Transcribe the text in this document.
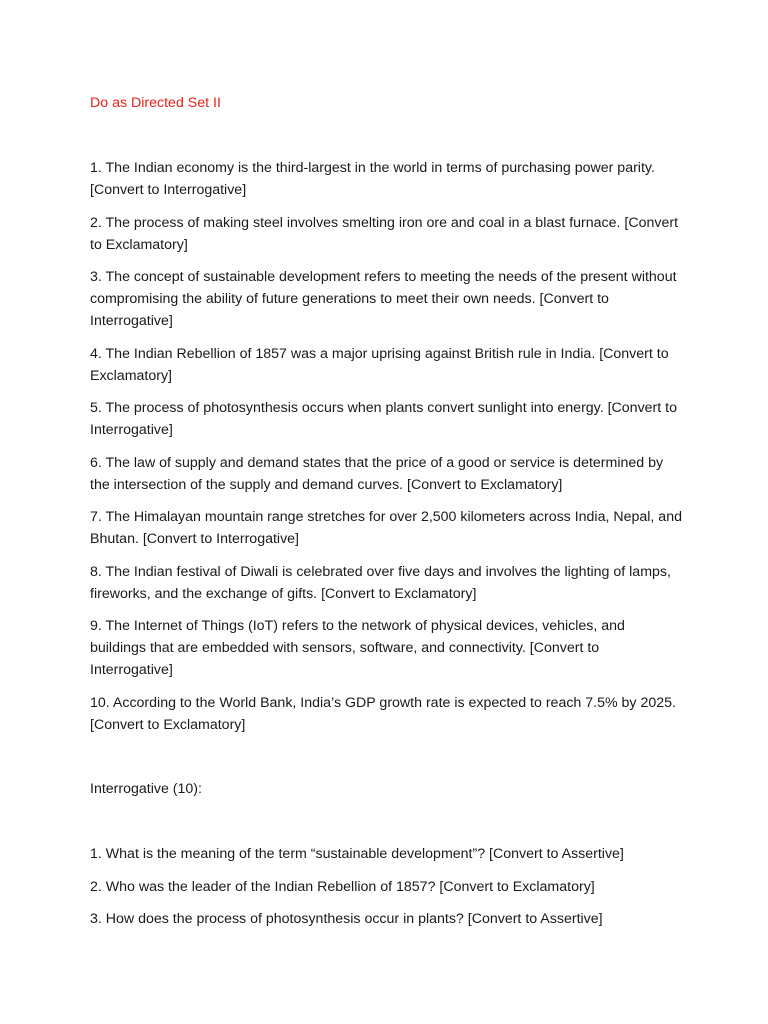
Do as Directed Set II

1. The Indian economy is the third-largest in the world in terms of purchasing power parity. [Convert to Interrogative]

2. The process of making steel involves smelting iron ore and coal in a blast furnace. [Convert to Exclamatory]

3. The concept of sustainable development refers to meeting the needs of the present without compromising the ability of future generations to meet their own needs. [Convert to Interrogative]

4. The Indian Rebellion of 1857 was a major uprising against British rule in India. [Convert to Exclamatory]

5. The process of photosynthesis occurs when plants convert sunlight into energy. [Convert to Interrogative]

6. The law of supply and demand states that the price of a good or service is determined by the intersection of the supply and demand curves. [Convert to Exclamatory]

7. The Himalayan mountain range stretches for over 2,500 kilometers across India, Nepal, and Bhutan. [Convert to Interrogative]

8. The Indian festival of Diwali is celebrated over five days and involves the lighting of lamps, fireworks, and the exchange of gifts. [Convert to Exclamatory]

9. The Internet of Things (IoT) refers to the network of physical devices, vehicles, and buildings that are embedded with sensors, software, and connectivity. [Convert to Interrogative]

10. According to the World Bank, India’s GDP growth rate is expected to reach 7.5% by 2025. [Convert to Exclamatory]

Interrogative (10):

1. What is the meaning of the term “sustainable development”? [Convert to Assertive]

2. Who was the leader of the Indian Rebellion of 1857? [Convert to Exclamatory]

3. How does the process of photosynthesis occur in plants? [Convert to Assertive]
